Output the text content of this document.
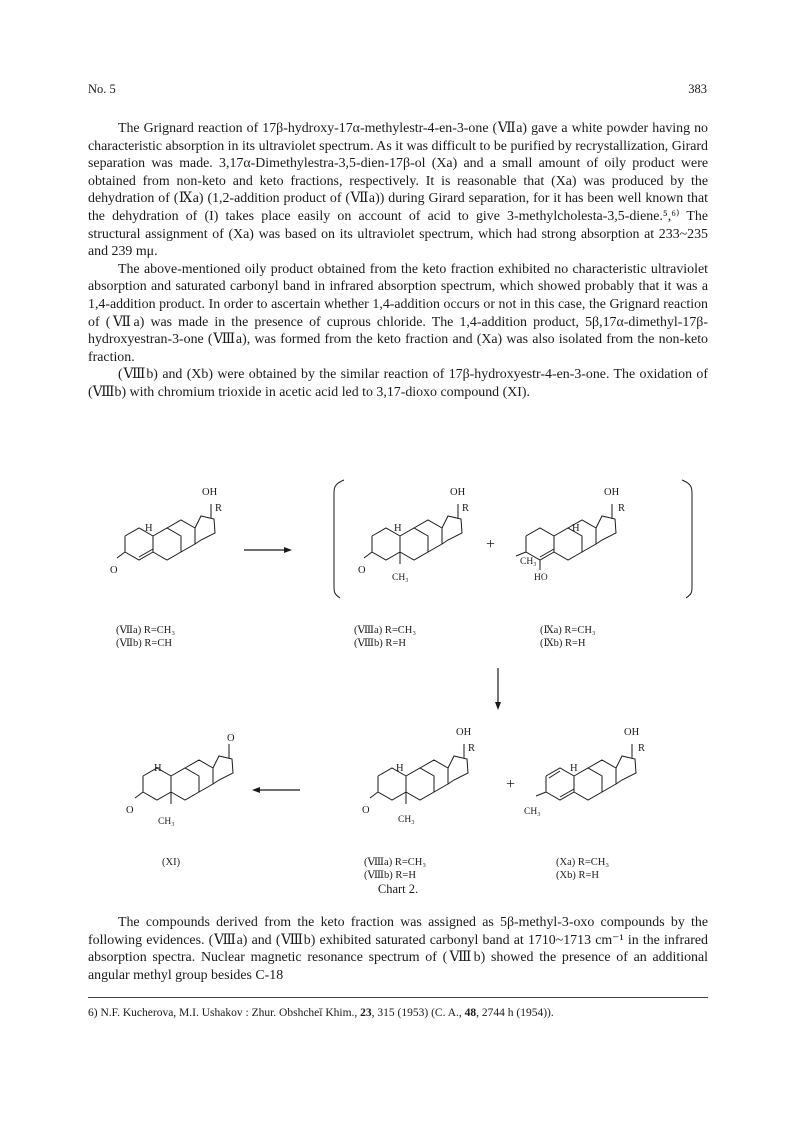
No. 5	383

The Grignard reaction of 17β-hydroxy-17α-methylestr-4-en-3-one (Ⅶa) gave a white powder having no characteristic absorption in its ultraviolet spectrum. As it was difficult to be purified by recrystallization, Girard separation was made. 3,17α-Dimethylestra-3,5-dien-17β-ol (Xa) and a small amount of oily product were obtained from non-keto and keto fractions, respectively. It is reasonable that (Xa) was produced by the dehydration of (Ⅸa) (1,2-addition product of (Ⅶa)) during Girard separation, for it has been well known that the dehydration of (I) takes place easily on account of acid to give 3-methylcholesta-3,5-diene.⁵,⁶⁾ The structural assignment of (Xa) was based on its ultraviolet spectrum, which had strong absorption at 233~235 and 239 mμ.

The above-mentioned oily product obtained from the keto fraction exhibited no characteristic ultraviolet absorption and saturated carbonyl band in infrared absorption spectrum, which showed probably that it was a 1,4-addition product. In order to ascertain whether 1,4-addition occurs or not in this case, the Grignard reaction of (Ⅶa) was made in the presence of cuprous chloride. The 1,4-addition product, 5β,17α-dimethyl-17β-hydroxyestran-3-one (Ⅷa), was formed from the keto fraction and (Xa) was also isolated from the non-keto fraction.

(Ⅷb) and (Xb) were obtained by the similar reaction of 17β-hydroxyestr-4-en-3-one. The oxidation of (Ⅷb) with chromium trioxide in acetic acid led to 3,17-dioxo compound (XI).

OH
R
H
O
OH
R
H
O
CH₃
+
OH
R
H
CH₃
HO
(Ⅶa) R=CH₃
(Ⅶb) R=CH
(Ⅷa) R=CH₃
(Ⅷb) R=H
(Ⅸa) R=CH₃
(Ⅸb) R=H
O
H
O
CH₃
OH
R
H
O
CH₃
+
OH
R
H
CH₃
(XI)	(Ⅷa) R=CH₃
(Ⅷb) R=H
(Xa) R=CH₃
(Xb) R=H
Chart 2.

The compounds derived from the keto fraction was assigned as 5β-methyl-3-oxo compounds by the following evidences. (Ⅷa) and (Ⅷb) exhibited saturated carbonyl band at 1710~1713 cm⁻¹ in the infrared absorption spectra. Nuclear magnetic resonance spectrum of (Ⅷb) showed the presence of an additional angular methyl group besides C-18

6) N.F. Kucherova, M.I. Ushakov : Zhur. Obshcheĭ Khim., 23, 315 (1953) (C. A., 48, 2744 h (1954)).
